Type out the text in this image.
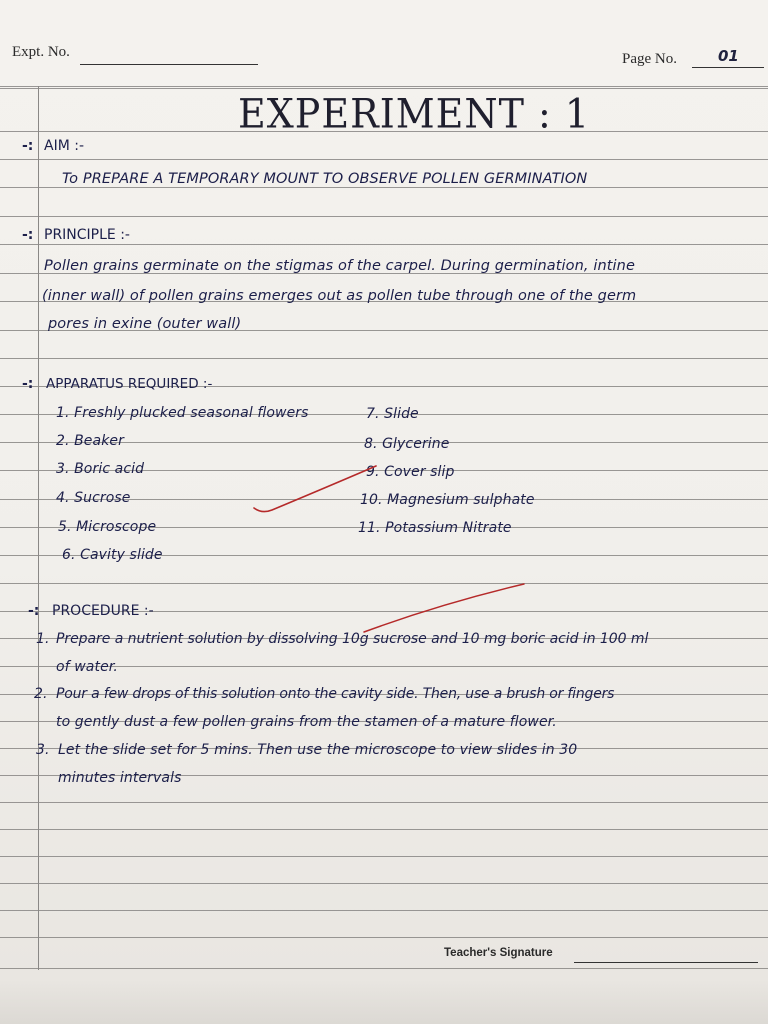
Expt. No.	Page No.	01
EXPERIMENT : 1
-: AIM :-
To PREPARE A TEMPORARY MOUNT TO OBSERVE POLLEN GERMINATION
-: PRINCIPLE :-
Pollen grains germinate on the stigmas of the carpel. During germination, intine
(inner wall) of pollen grains emerges out as pollen tube through one of the germ
pores in exine (outer wall)
-: APPARATUS REQUIRED :-
1. Freshly plucked seasonal flowers
2. Beaker
3. Boric acid
4. Sucrose
5. Microscope
6. Cavity slide
7. Slide
8. Glycerine
9. Cover slip
10. Magnesium sulphate
11. Potassium Nitrate
-: PROCEDURE :-
1. Prepare a nutrient solution by dissolving 10g sucrose and 10 mg boric acid in 100 ml
of water.
2. Pour a few drops of this solution onto the cavity side. Then, use a brush or fingers
to gently dust a few pollen grains from the stamen of a mature flower.
3. Let the slide set for 5 mins. Then use the microscope to view slides in 30
minutes intervals
Teacher's Signature
